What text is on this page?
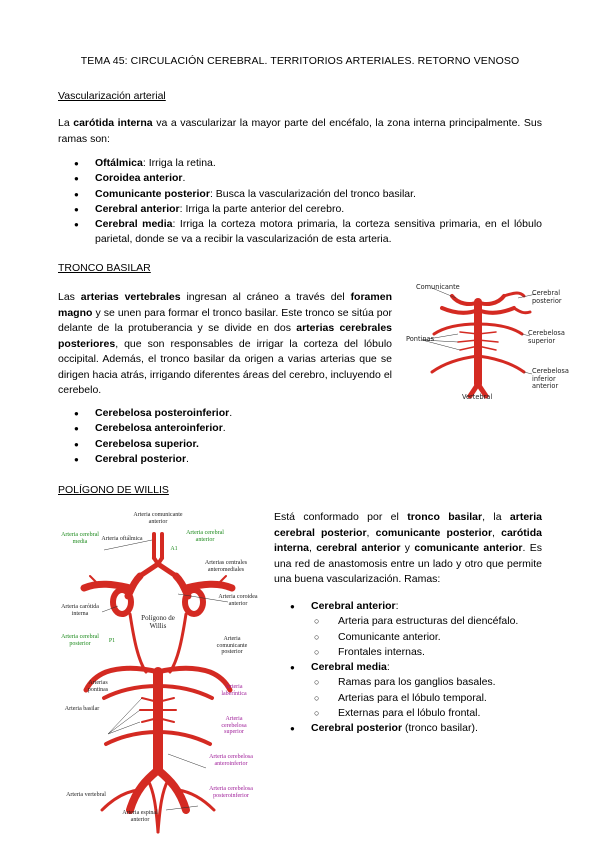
TEMA 45: CIRCULACIÓN CEREBRAL. TERRITORIOS ARTERIALES. RETORNO VENOSO
Vascularización arterial
La carótida interna va a vascularizar la mayor parte del encéfalo, la zona interna principalmente. Sus ramas son:
● Oftálmica: Irriga la retina.
● Coroidea anterior.
● Comunicante posterior: Busca la vascularización del tronco basilar.
● Cerebral anterior: Irriga la parte anterior del cerebro.
● Cerebral media: Irriga la corteza motora primaria, la corteza sensitiva primaria, en el lóbulo parietal, donde se va a recibir la vascularización de esta arteria.
TRONCO BASILAR
Las arterias vertebrales ingresan al cráneo a través del foramen magno y se unen para formar el tronco basilar. Este tronco se sitúa por delante de la protuberancia y se divide en dos arterias cerebrales posteriores, que son responsables de irrigar la corteza del lóbulo occipital. Además, el tronco basilar da origen a varias arterias que se dirigen hacia atrás, irrigando diferentes áreas del cerebro, incluyendo el cerebelo.
● Cerebelosa posteroinferior.
● Cerebelosa anteroinferior.
● Cerebelosa superior.
● Cerebral posterior.
Comunicante
Cerebral posterior
Pontinas
Cerebelosa superior
Cerebelosa inferior anterior
Vertebral
POLÍGONO DE WILLIS
Arteria comunicante anterior
Arteria cerebral media	Arteria oftálmica
Arteria cerebral anterior
Arterias centrales anteromediales
Arteria carótida interna
Arteria coroidea anterior
Arteria cerebral posterior
Polígono de Willis
Arteria comunicante posterior
P1
A1
Arterias pontinas	Arteria laberíntica
Arteria basilar
Arteria cerebelosa superior
Arteria cerebelosa anteroinferior
Arteria cerebelosa posteroinferior
Arteria vertebral
Arteria espinal anterior
Está conformado por el tronco basilar, la arteria cerebral posterior, comunicante posterior, carótida interna, cerebral anterior y comunicante anterior. Es una red de anastomosis entre un lado y otro que permite una buena vascularización. Ramas:
● Cerebral anterior:
○ Arteria para estructuras del diencéfalo.
○ Comunicante anterior.
○ Frontales internas.
● Cerebral media:
○ Ramas para los ganglios basales.
○ Arterias para el lóbulo temporal.
○ Externas para el lóbulo frontal.
● Cerebral posterior (tronco basilar).
